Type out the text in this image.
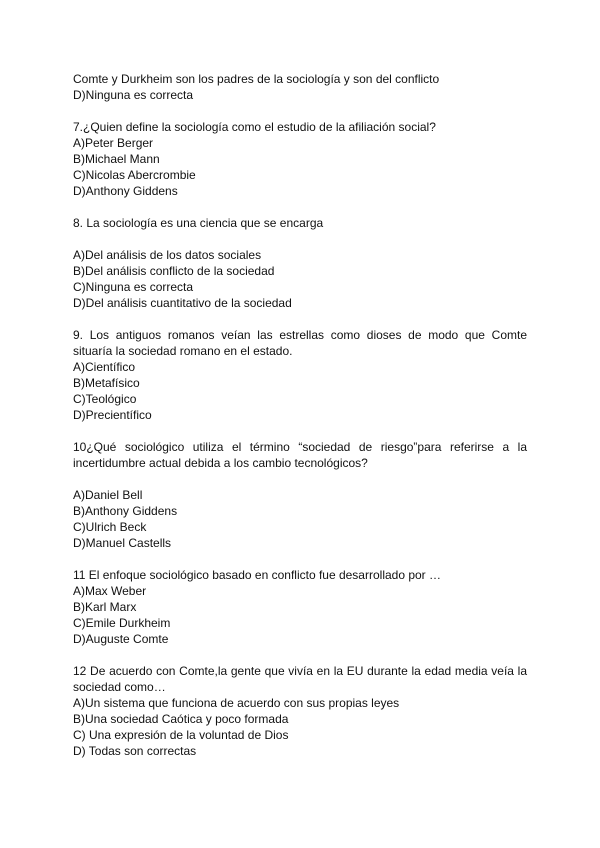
Comte y Durkheim son los padres de la sociología y son del conflicto
D)Ninguna es correcta
7.¿Quien define la sociología como el estudio de la afiliación social?
A)Peter Berger
B)Michael Mann
C)Nicolas Abercrombie
D)Anthony Giddens
8. La sociología es una ciencia que se encarga
A)Del análisis de los datos sociales
B)Del análisis conflicto de la sociedad
C)Ninguna es correcta
D)Del análisis cuantitativo de la sociedad
9. Los antiguos romanos veían las estrellas como dioses de modo que Comte situaría la sociedad romano en el estado.
A)Científico
B)Metafísico
C)Teológico
D)Precientífico
10¿Qué sociológico utiliza el término “sociedad de riesgo”para referirse a la incertidumbre actual debida a los cambio tecnológicos?
A)Daniel Bell
B)Anthony Giddens
C)Ulrich Beck
D)Manuel Castells
11 El enfoque sociológico basado en conflicto fue desarrollado por …
A)Max Weber
B)Karl Marx
C)Emile Durkheim
D)Auguste Comte
12 De acuerdo con Comte,la gente que vivía en la EU durante la edad media veía la sociedad como…
A)Un sistema que funciona de acuerdo con sus propias leyes
B)Una sociedad Caótica y poco formada
C) Una expresión de la voluntad de Dios
D) Todas son correctas
